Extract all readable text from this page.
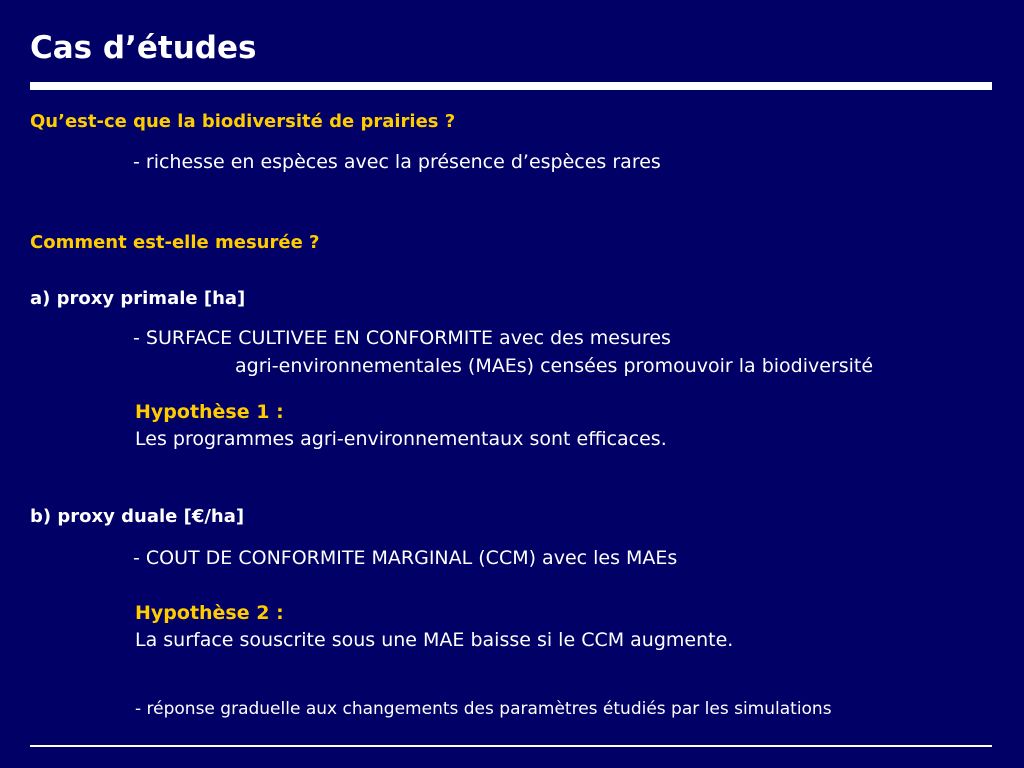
Cas d’études
Qu’est-ce que la biodiversité de prairies ?
- richesse en espèces avec la présence d’espèces rares
Comment est-elle mesurée ?
a) proxy primale [ha]
- SURFACE CULTIVEE EN CONFORMITE avec des mesures
agri-environnementales (MAEs) censées promouvoir la biodiversité
Hypothèse 1 :
Les programmes agri-environnementaux sont efficaces.
b) proxy duale [€/ha]
- COUT DE CONFORMITE MARGINAL (CCM) avec les MAEs
Hypothèse 2 :
La surface souscrite sous une MAE baisse si le CCM augmente.
- réponse graduelle aux changements des paramètres étudiés par les simulations
